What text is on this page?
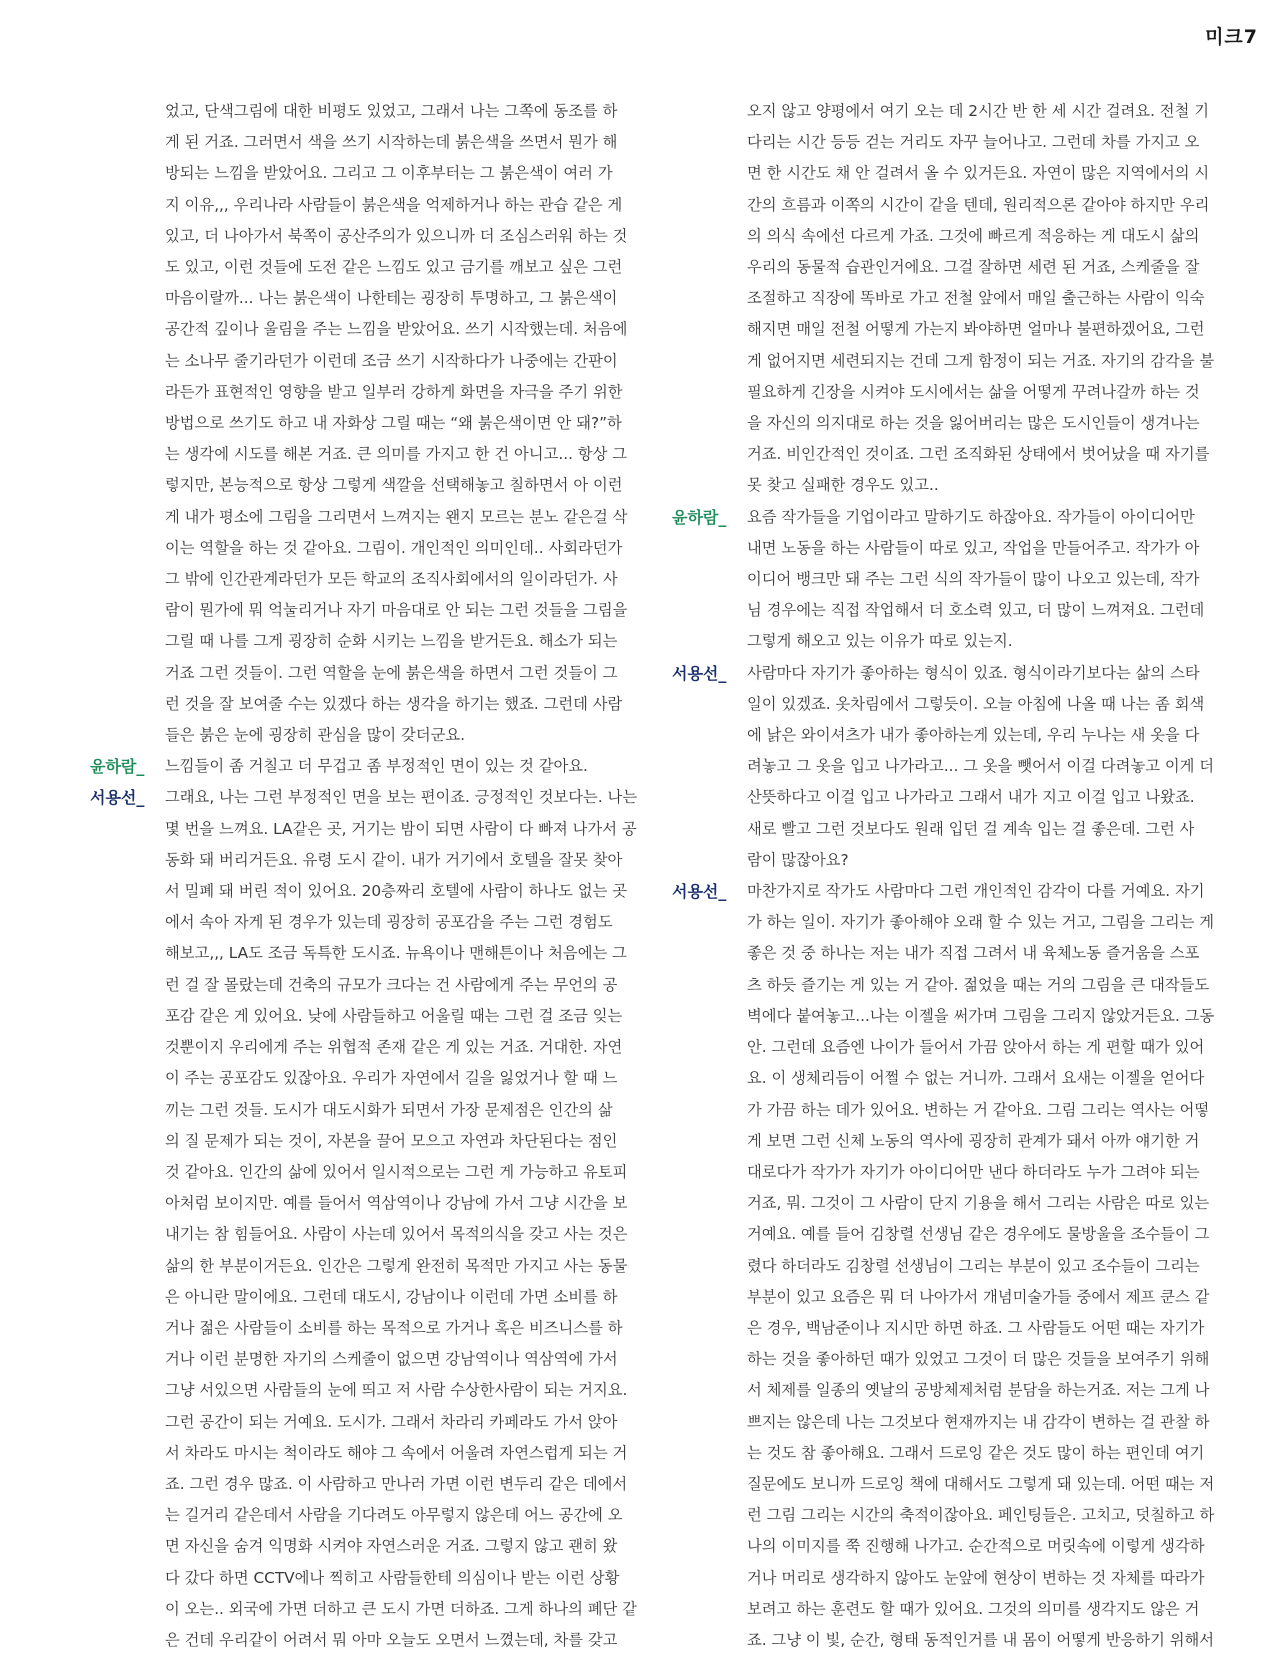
미크7
었고, 단색그림에 대한 비평도 있었고, 그래서 나는 그쪽에 동조를 하
게 된 거죠. 그러면서 색을 쓰기 시작하는데 붉은색을 쓰면서 뭔가 해
방되는 느낌을 받았어요. 그리고 그 이후부터는 그 붉은색이 여러 가
지 이유,,, 우리나라 사람들이 붉은색을 억제하거나 하는 관습 같은 게
있고, 더 나아가서 북쪽이 공산주의가 있으니까 더 조심스러워 하는 것
도 있고, 이런 것들에 도전 같은 느낌도 있고 금기를 깨보고 싶은 그런
마음이랄까... 나는 붉은색이 나한테는 굉장히 투명하고, 그 붉은색이
공간적 깊이나 울림을 주는 느낌을 받았어요. 쓰기 시작했는데. 처음에
는 소나무 줄기라던가 이런데 조금 쓰기 시작하다가 나중에는 간판이
라든가 표현적인 영향을 받고 일부러 강하게 화면을 자극을 주기 위한
방법으로 쓰기도 하고 내 자화상 그릴 때는 “왜 붉은색이면 안 돼?”하
는 생각에 시도를 해본 거죠. 큰 의미를 가지고 한 건 아니고... 항상 그
렇지만, 본능적으로 항상 그렇게 색깔을 선택해놓고 칠하면서 아 이런
게 내가 평소에 그림을 그리면서 느껴지는 왠지 모르는 분노 같은걸 삭
이는 역할을 하는 것 같아요. 그림이. 개인적인 의미인데.. 사회라던가
그 밖에 인간관계라던가 모든 학교의 조직사회에서의 일이라던가. 사
람이 뭔가에 뭐 억눌리거나 자기 마음대로 안 되는 그런 것들을 그림을
그릴 때 나를 그게 굉장히 순화 시키는 느낌을 받거든요. 해소가 되는
거죠 그런 것들이. 그런 역할을 눈에 붉은색을 하면서 그런 것들이 그
런 것을 잘 보여줄 수는 있겠다 하는 생각을 하기는 했죠. 그런데 사람
들은 붉은 눈에 굉장히 관심을 많이 갖더군요.
윤하람_ 느낌들이 좀 거칠고 더 무겁고 좀 부정적인 면이 있는 것 같아요.
서용선_ 그래요, 나는 그런 부정적인 면을 보는 편이죠. 긍정적인 것보다는. 나는
몇 번을 느껴요. LA같은 곳, 거기는 밤이 되면 사람이 다 빠져 나가서 공
동화 돼 버리거든요. 유령 도시 같이. 내가 거기에서 호텔을 잘못 찾아
서 밀폐 돼 버린 적이 있어요. 20층짜리 호텔에 사람이 하나도 없는 곳
에서 속아 자게 된 경우가 있는데 굉장히 공포감을 주는 그런 경험도
해보고,,, LA도 조금 독특한 도시죠. 뉴욕이나 맨해튼이나 처음에는 그
런 걸 잘 몰랐는데 건축의 규모가 크다는 건 사람에게 주는 무언의 공
포감 같은 게 있어요. 낮에 사람들하고 어울릴 때는 그런 걸 조금 잊는
것뿐이지 우리에게 주는 위협적 존재 같은 게 있는 거죠. 거대한. 자연
이 주는 공포감도 있잖아요. 우리가 자연에서 길을 잃었거나 할 때 느
끼는 그런 것들. 도시가 대도시화가 되면서 가장 문제점은 인간의 삶
의 질 문제가 되는 것이, 자본을 끌어 모으고 자연과 차단된다는 점인
것 같아요. 인간의 삶에 있어서 일시적으로는 그런 게 가능하고 유토피
아처럼 보이지만. 예를 들어서 역삼역이나 강남에 가서 그냥 시간을 보
내기는 참 힘들어요. 사람이 사는데 있어서 목적의식을 갖고 사는 것은
삶의 한 부분이거든요. 인간은 그렇게 완전히 목적만 가지고 사는 동물
은 아니란 말이에요. 그런데 대도시, 강남이나 이런데 가면 소비를 하
거나 젊은 사람들이 소비를 하는 목적으로 가거나 혹은 비즈니스를 하
거나 이런 분명한 자기의 스케줄이 없으면 강남역이나 역삼역에 가서
그냥 서있으면 사람들의 눈에 띄고 저 사람 수상한사람이 되는 거지요.
그런 공간이 되는 거예요. 도시가. 그래서 차라리 카페라도 가서 앉아
서 차라도 마시는 척이라도 해야 그 속에서 어울려 자연스럽게 되는 거
죠. 그런 경우 많죠. 이 사람하고 만나러 가면 이런 변두리 같은 데에서
는 길거리 같은데서 사람을 기다려도 아무렇지 않은데 어느 공간에 오
면 자신을 숨겨 익명화 시켜야 자연스러운 거죠. 그렇지 않고 괜히 왔
다 갔다 하면 CCTV에나 찍히고 사람들한테 의심이나 받는 이런 상황
이 오는.. 외국에 가면 더하고 큰 도시 가면 더하죠. 그게 하나의 폐단 같
은 건데 우리같이 어려서 뭐 아마 오늘도 오면서 느꼈는데, 차를 갖고
오지 않고 양평에서 여기 오는 데 2시간 반 한 세 시간 걸려요. 전철 기
다리는 시간 등등 걷는 거리도 자꾸 늘어나고. 그런데 차를 가지고 오
면 한 시간도 채 안 걸려서 올 수 있거든요. 자연이 많은 지역에서의 시
간의 흐름과 이쪽의 시간이 같을 텐데, 원리적으론 같아야 하지만 우리
의 의식 속에선 다르게 가죠. 그것에 빠르게 적응하는 게 대도시 삶의
우리의 동물적 습관인거에요. 그걸 잘하면 세련 된 거죠, 스케줄을 잘
조절하고 직장에 똑바로 가고 전철 앞에서 매일 출근하는 사람이 익숙
해지면 매일 전철 어떻게 가는지 봐야하면 얼마나 불편하겠어요, 그런
게 없어지면 세련되지는 건데 그게 함정이 되는 거죠. 자기의 감각을 불
필요하게 긴장을 시켜야 도시에서는 삶을 어떻게 꾸려나갈까 하는 것
을 자신의 의지대로 하는 것을 잃어버리는 많은 도시인들이 생겨나는
거죠. 비인간적인 것이죠. 그런 조직화된 상태에서 벗어났을 때 자기를
못 찾고 실패한 경우도 있고..
윤하람_ 요즘 작가들을 기업이라고 말하기도 하잖아요. 작가들이 아이디어만
내면 노동을 하는 사람들이 따로 있고, 작업을 만들어주고. 작가가 아
이디어 뱅크만 돼 주는 그런 식의 작가들이 많이 나오고 있는데, 작가
님 경우에는 직접 작업해서 더 호소력 있고, 더 많이 느껴져요. 그런데
그렇게 해오고 있는 이유가 따로 있는지.
서용선_ 사람마다 자기가 좋아하는 형식이 있죠. 형식이라기보다는 삶의 스타
일이 있겠죠. 옷차림에서 그렇듯이. 오늘 아침에 나올 때 나는 좀 회색
에 낡은 와이셔츠가 내가 좋아하는게 있는데, 우리 누나는 새 옷을 다
려놓고 그 옷을 입고 나가라고... 그 옷을 뺏어서 이걸 다려놓고 이게 더
산뜻하다고 이걸 입고 나가라고 그래서 내가 지고 이걸 입고 나왔죠.
새로 빨고 그런 것보다도 원래 입던 걸 계속 입는 걸 좋은데. 그런 사
람이 많잖아요?
서용선_ 마찬가지로 작가도 사람마다 그런 개인적인 감각이 다를 거예요. 자기
가 하는 일이. 자기가 좋아해야 오래 할 수 있는 거고, 그림을 그리는 게
좋은 것 중 하나는 저는 내가 직접 그려서 내 육체노동 즐거움을 스포
츠 하듯 즐기는 게 있는 거 같아. 젊었을 때는 거의 그림을 큰 대작들도
벽에다 붙여놓고...나는 이젤을 써가며 그림을 그리지 않았거든요. 그동
안. 그런데 요즘엔 나이가 들어서 가끔 앉아서 하는 게 편할 때가 있어
요. 이 생체리듬이 어쩔 수 없는 거니까. 그래서 요새는 이젤을 얻어다
가 가끔 하는 데가 있어요. 변하는 거 같아요. 그림 그리는 역사는 어떻
게 보면 그런 신체 노동의 역사에 굉장히 관계가 돼서 아까 얘기한 거
대로다가 작가가 자기가 아이디어만 낸다 하더라도 누가 그려야 되는
거죠, 뭐. 그것이 그 사람이 단지 기용을 해서 그리는 사람은 따로 있는
거예요. 예를 들어 김창렬 선생님 같은 경우에도 물방울을 조수들이 그
렸다 하더라도 김창렬 선생님이 그리는 부분이 있고 조수들이 그리는
부분이 있고 요즘은 뭐 더 나아가서 개념미술가들 중에서 제프 쿤스 같
은 경우, 백남준이나 지시만 하면 하죠. 그 사람들도 어떤 때는 자기가
하는 것을 좋아하던 때가 있었고 그것이 더 많은 것들을 보여주기 위해
서 체제를 일종의 옛날의 공방체제처럼 분담을 하는거죠. 저는 그게 나
쁘지는 않은데 나는 그것보다 현재까지는 내 감각이 변하는 걸 관찰 하
는 것도 참 좋아해요. 그래서 드로잉 같은 것도 많이 하는 편인데 여기
질문에도 보니까 드로잉 책에 대해서도 그렇게 돼 있는데. 어떤 때는 저
런 그림 그리는 시간의 축적이잖아요. 페인팅들은. 고치고, 덧칠하고 하
나의 이미지를 쭉 진행해 나가고. 순간적으로 머릿속에 이렇게 생각하
거나 머리로 생각하지 않아도 눈앞에 현상이 변하는 것 자체를 따라가
보려고 하는 훈련도 할 때가 있어요. 그것의 의미를 생각지도 않은 거
죠. 그냥 이 빛, 순간, 형태 동적인거를 내 몸이 어떻게 반응하기 위해서
